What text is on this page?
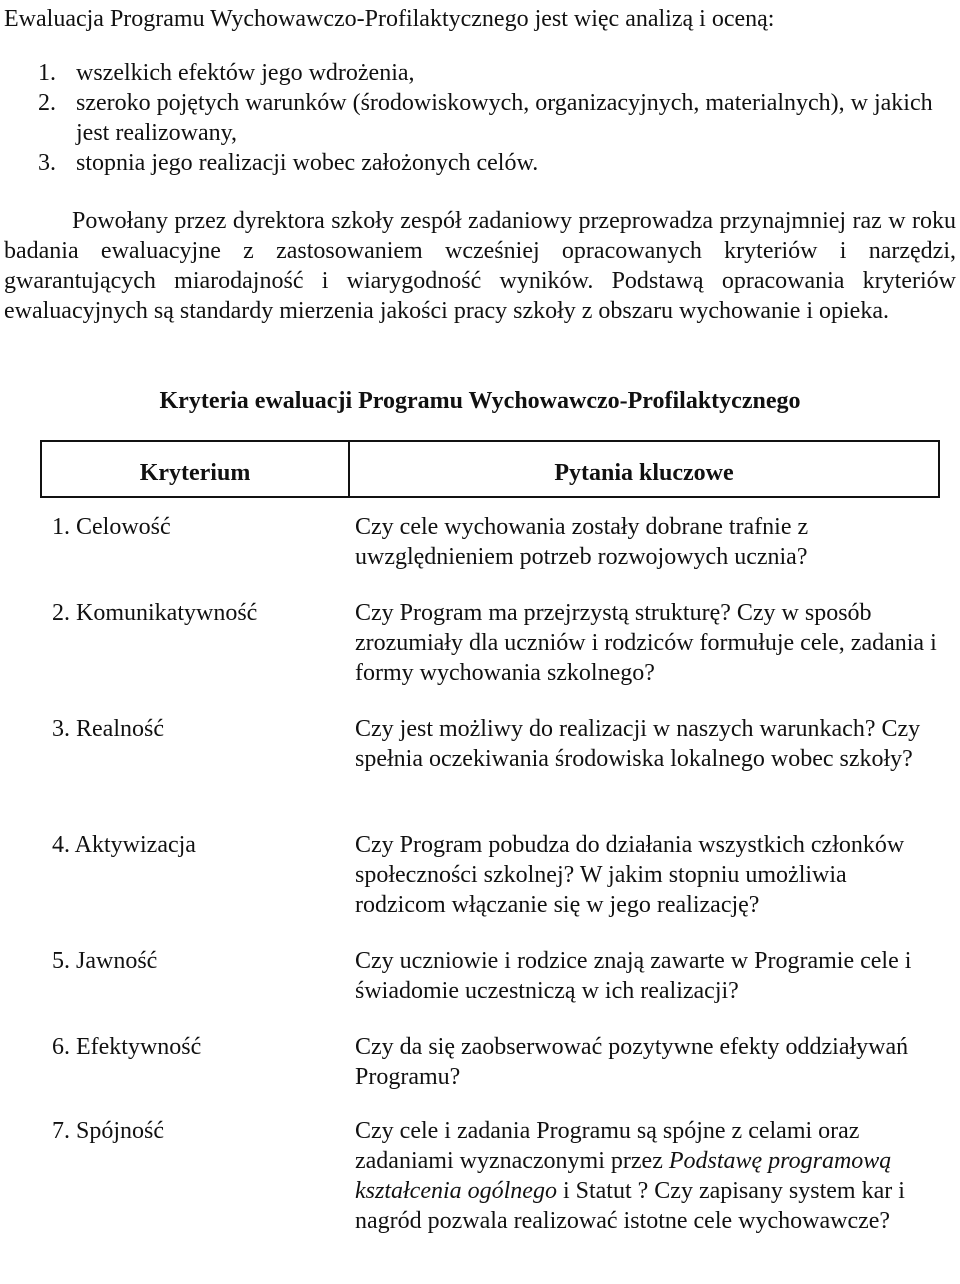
Ewaluacja Programu Wychowawczo-Profilaktycznego jest więc analizą i oceną:

1. wszelkich efektów jego wdrożenia,
2. szeroko pojętych warunków (środowiskowych, organizacyjnych, materialnych), w jakich jest realizowany,
3. stopnia jego realizacji wobec założonych celów.

Powołany przez dyrektora szkoły zespół zadaniowy przeprowadza przynajmniej raz w roku badania ewaluacyjne z zastosowaniem wcześniej opracowanych kryteriów i narzędzi, gwarantujących miarodajność i wiarygodność wyników. Podstawą opracowania kryteriów ewaluacyjnych są standardy mierzenia jakości pracy szkoły z obszaru wychowanie i opieka.

Kryteria ewaluacji Programu Wychowawczo-Profilaktycznego
Kryterium	Pytania kluczowe
1. Celowość	Czy cele wychowania zostały dobrane trafnie z uwzględnieniem potrzeb rozwojowych ucznia?
2. Komunikatywność	Czy Program ma przejrzystą strukturę? Czy w sposób zrozumiały dla uczniów i rodziców formułuje cele, zadania i formy wychowania szkolnego?
3. Realność	Czy jest możliwy do realizacji w naszych warunkach? Czy spełnia oczekiwania środowiska lokalnego wobec szkoły?
4. Aktywizacja	Czy Program pobudza do działania wszystkich członków społeczności szkolnej? W jakim stopniu umożliwia rodzicom włączanie się w jego realizację?
5. Jawność	Czy uczniowie i rodzice znają zawarte w Programie cele i świadomie uczestniczą w ich realizacji?
6. Efektywność	Czy da się zaobserwować pozytywne efekty oddziaływań Programu?
7. Spójność	Czy cele i zadania Programu są spójne z celami oraz zadaniami wyznaczonymi przez Podstawę programową kształcenia ogólnego i Statut ? Czy zapisany system kar i nagród pozwala realizować istotne cele wychowawcze?
